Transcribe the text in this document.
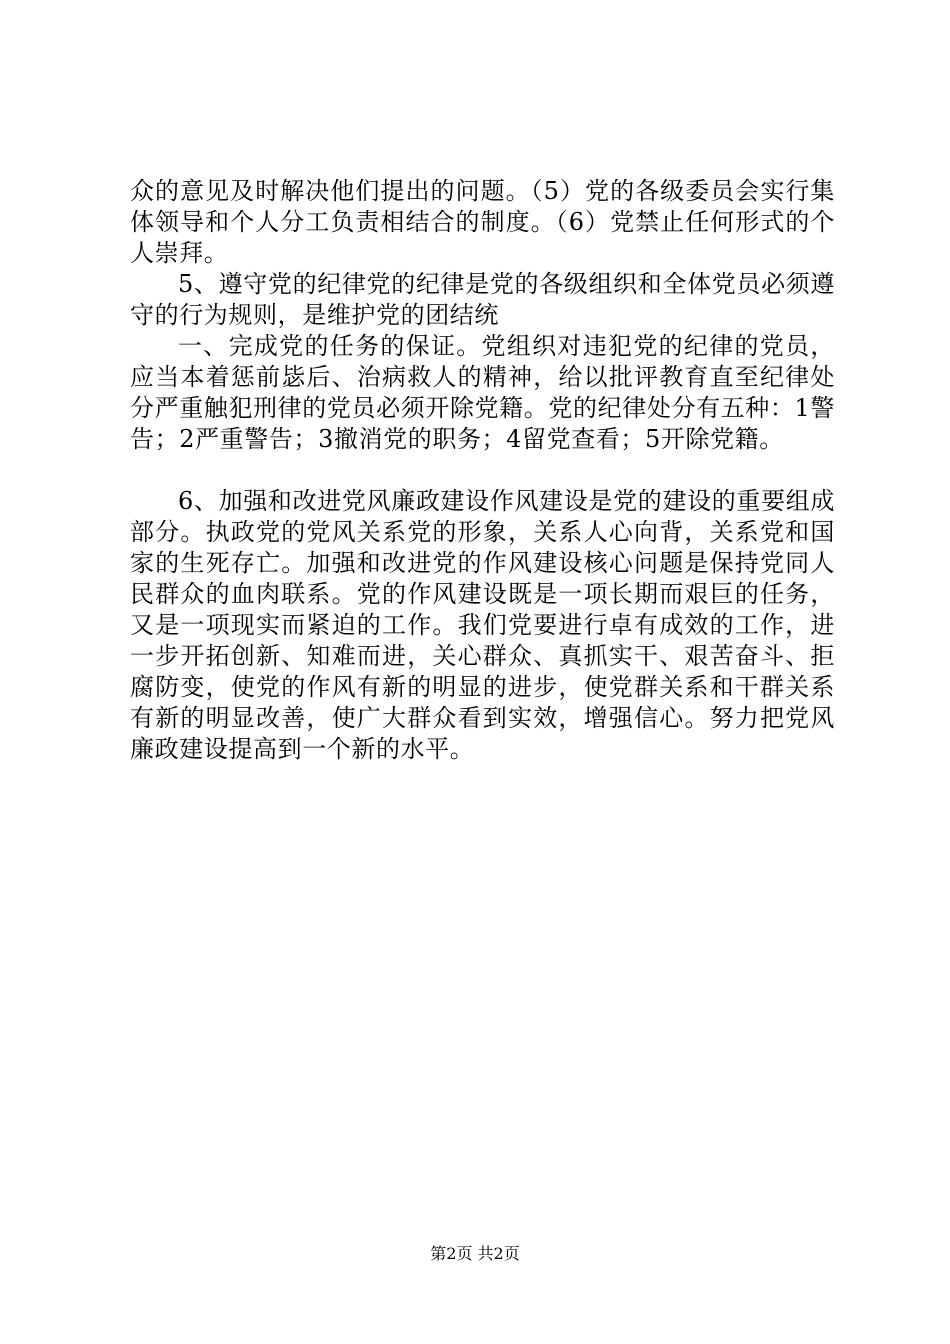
众的意见及时解决他们提出的问题。（5）党的各级委员会实行集体领导和个人分工负责相结合的制度。（6）党禁止任何形式的个人崇拜。

5、遵守党的纪律党的纪律是党的各级组织和全体党员必须遵守的行为规则，是维护党的团结统

一、完成党的任务的保证。党组织对违犯党的纪律的党员，应当本着惩前毖后、治病救人的精神，给以批评教育直至纪律处分严重触犯刑律的党员必须开除党籍。党的纪律处分有五种：1警告；2严重警告；3撤消党的职务；4留党查看；5开除党籍。

6、加强和改进党风廉政建设作风建设是党的建设的重要组成部分。执政党的党风关系党的形象，关系人心向背，关系党和国家的生死存亡。加强和改进党的作风建设核心问题是保持党同人民群众的血肉联系。党的作风建设既是一项长期而艰巨的任务，又是一项现实而紧迫的工作。我们党要进行卓有成效的工作，进一步开拓创新、知难而进，关心群众、真抓实干、艰苦奋斗、拒腐防变，使党的作风有新的明显的进步，使党群关系和干群关系有新的明显改善，使广大群众看到实效，增强信心。努力把党风廉政建设提高到一个新的水平。

第2页 共2页
